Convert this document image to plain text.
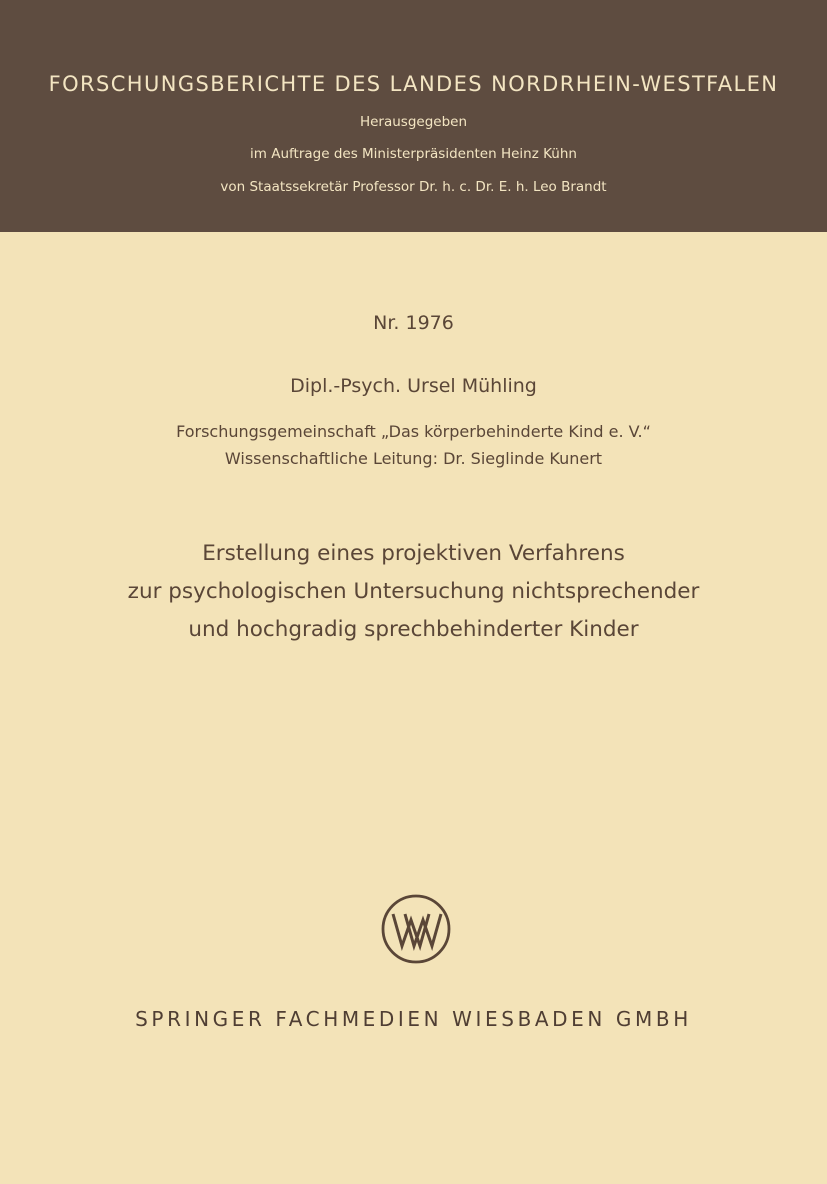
FORSCHUNGSBERICHTE DES LANDES NORDRHEIN-WESTFALEN
Herausgegeben
im Auftrage des Ministerpräsidenten Heinz Kühn
von Staatssekretär Professor Dr. h. c. Dr. E. h. Leo Brandt
Nr. 1976
Dipl.-Psych. Ursel Mühling
Forschungsgemeinschaft „Das körperbehinderte Kind e. V.“
Wissenschaftliche Leitung: Dr. Sieglinde Kunert
Erstellung eines projektiven Verfahrens
zur psychologischen Untersuchung nichtsprechender
und hochgradig sprechbehinderter Kinder
SPRINGER FACHMEDIEN WIESBADEN GMBH
